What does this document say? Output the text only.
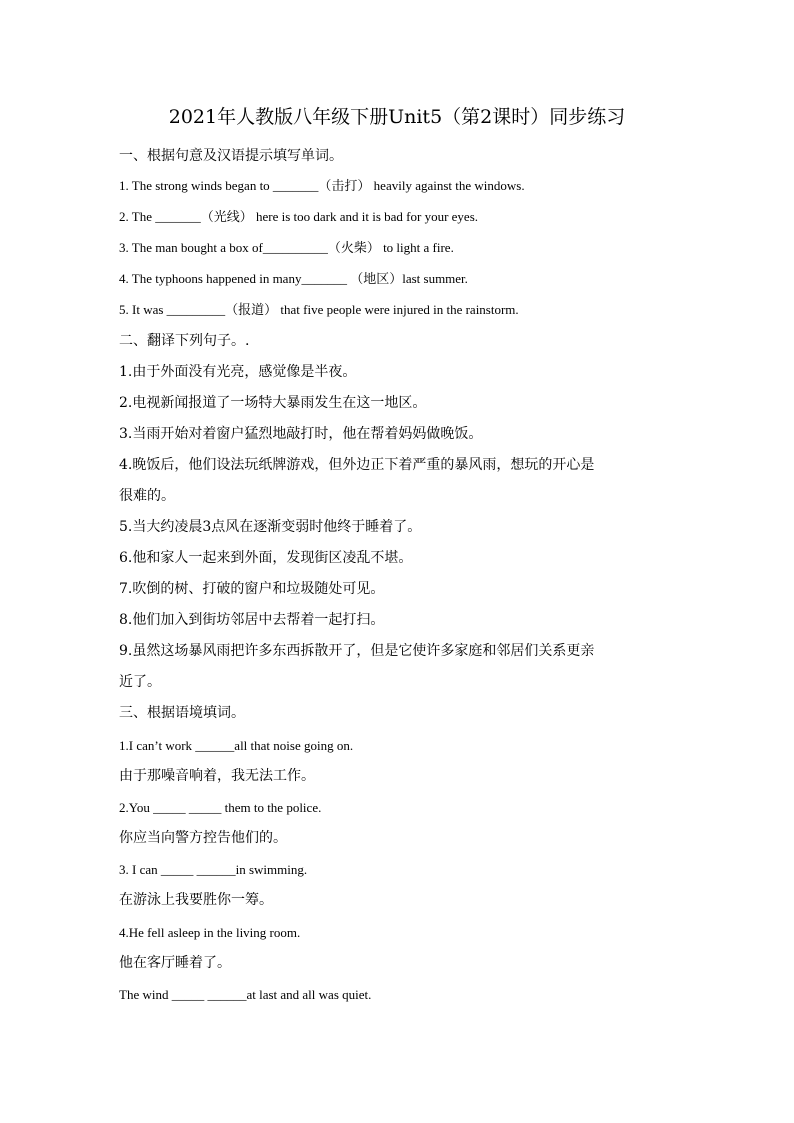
2021年人教版八年级下册Unit5（第2课时）同步练习
一、根据句意及汉语提示填写单词。
1. The strong winds began to _______（击打） heavily against the windows.
2. The _______（光线） here is too dark and it is bad for your eyes.
3. The man bought a box of__________（火柴） to light a fire.
4. The typhoons happened in many_______ （地区）last summer.
5. It was _________（报道） that five people were injured in the rainstorm.
二、翻译下列句子。.
1.由于外面没有光亮，感觉像是半夜。
2.电视新闻报道了一场特大暴雨发生在这一地区。
3.当雨开始对着窗户猛烈地敲打时，他在帮着妈妈做晚饭。
4.晚饭后，他们设法玩纸牌游戏，但外边正下着严重的暴风雨，想玩的开心是
很难的。
5.当大约凌晨3点风在逐渐变弱时他终于睡着了。
6.他和家人一起来到外面，发现街区凌乱不堪。
7.吹倒的树、打破的窗户和垃圾随处可见。
8.他们加入到街坊邻居中去帮着一起打扫。
9.虽然这场暴风雨把许多东西拆散开了，但是它使许多家庭和邻居们关系更亲
近了。
三、根据语境填词。
1.I can’t work ______all that noise going on.
由于那噪音响着，我无法工作。
2.You _____ _____ them to the police.
你应当向警方控告他们的。
3. I can _____ ______in swimming.
在游泳上我要胜你一筹。
4.He fell asleep in the living room.
他在客厅睡着了。
The wind _____ ______at last and all was quiet.
